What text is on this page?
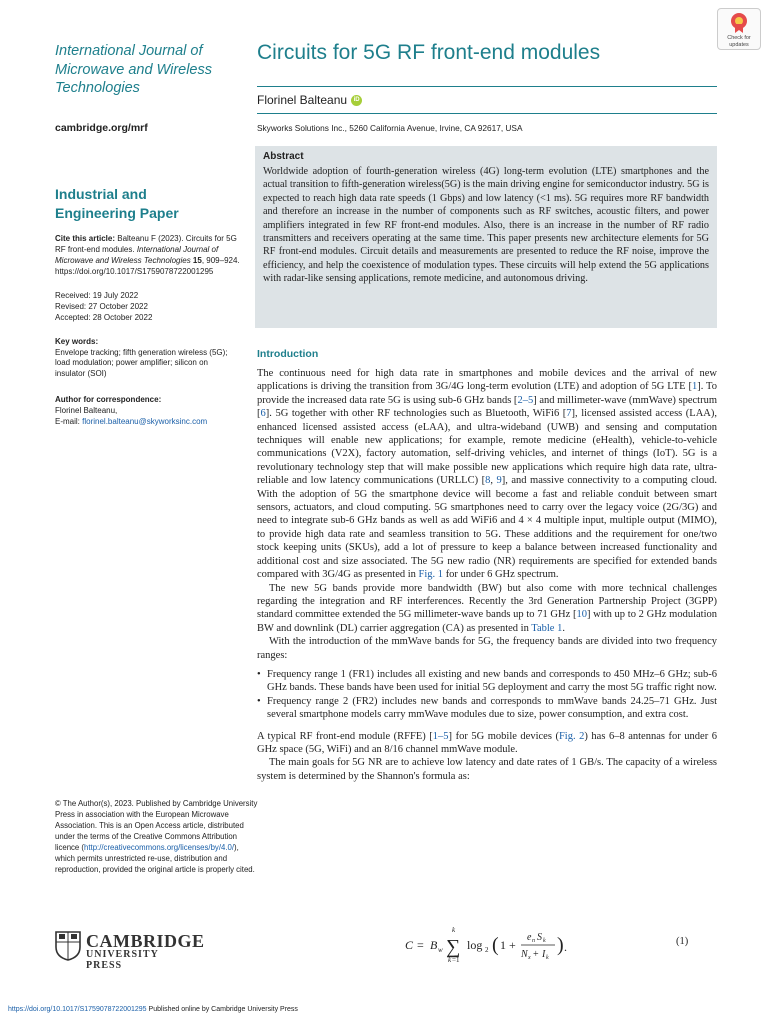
International Journal of Microwave and Wireless Technologies
cambridge.org/mrf
Industrial and Engineering Paper
Cite this article: Balteanu F (2023). Circuits for 5G RF front-end modules. International Journal of Microwave and Wireless Technologies 15, 909–924. https://doi.org/10.1017/S1759078722001295
Received: 19 July 2022
Revised: 27 October 2022
Accepted: 28 October 2022
Key words:
Envelope tracking; fifth generation wireless (5G); load modulation; power amplifier; silicon on insulator (SOI)
Author for correspondence:
Florinel Balteanu,
E-mail: florinel.balteanu@skyworksinc.com
© The Author(s), 2023. Published by Cambridge University Press in association with the European Microwave Association. This is an Open Access article, distributed under the terms of the Creative Commons Attribution licence (http://creativecommons.org/licenses/by/4.0/), which permits unrestricted re-use, distribution and reproduction, provided the original article is properly cited.
CAMBRIDGE
UNIVERSITY PRESS
https://doi.org/10.1017/S1759078722001295 Published online by Cambridge University Press
Check for
updates
Circuits for 5G RF front-end modules
Florinel Balteanu	iD
Skyworks Solutions Inc., 5260 California Avenue, Irvine, CA 92617, USA
Abstract
Worldwide adoption of fourth-generation wireless (4G) long-term evolution (LTE) smartphones and the actual transition to fifth-generation wireless(5G) is the main driving engine for semiconductor industry. 5G is expected to reach high data rate speeds (1 Gbps) and low latency (<1 ms). 5G requires more RF bandwidth and therefore an increase in the number of components such as RF switches, acoustic filters, and power amplifiers integrated in few RF front-end modules. Also, there is an increase in the number of RF radio transmitters and receivers operating at the same time. This paper presents new architecture elements for 5G RF front-end modules. Circuit details and measurements are presented to reduce the RF noise, improve the efficiency, and help the coexistence of modulation types. These circuits will help extend the 5G applications with radar-like sensing applications, remote medicine, and autonomous driving.
Introduction

The continuous need for high data rate in smartphones and mobile devices and the arrival of new applications is driving the transition from 3G/4G long-term evolution (LTE) and adoption of 5G LTE [1]. To provide the increased data rate 5G is using sub-6 GHz bands [2–5] and millimeter-wave (mmWave) spectrum [6]. 5G together with other RF technologies such as Bluetooth, WiFi6 [7], licensed assisted access (LAA), enhanced licensed assisted access (eLAA), and ultra-wideband (UWB) and sensing and computation techniques will enable new applications; for example, remote medicine (eHealth), vehicle-to-vehicle communications (V2X), factory automation, self-driving vehicles, and internet of things (IoT). 5G is a revolutionary technology step that will make possible new applications which require high data rate, ultra-reliable and low latency communications (URLLC) [8, 9], and massive connectivity to a computing cloud. With the adoption of 5G the smartphone device will become a fast and reliable conduit between smart sensors, actuators, and cloud computing. 5G smartphones need to carry over the legacy voice (2G/3G) and need to integrate sub-6 GHz bands as well as add WiFi6 and 4 × 4 multiple input, multiple output (MIMO), to provide high data rate and seamless transition to 5G. These additions and the requirement for one/two stock keeping units (SKUs), add a lot of pressure to keep a balance between increased functionality and additional cost and size associated. The 5G new radio (NR) requirements are specified for extended bands compared with 3G/4G as presented in Fig. 1 for under 6 GHz spectrum.

The new 5G bands provide more bandwidth (BW) but also come with more technical challenges regarding the integration and RF interferences. Recently the 3rd Generation Partnership Project (3GPP) standard committee extended the 5G millimeter-wave bands up to 71 GHz [10] with up to 2 GHz modulation BW and downlink (DL) carrier aggregation (CA) as presented in Table 1.

With the introduction of the mmWave bands for 5G, the frequency bands are divided into two frequency ranges:

• Frequency range 1 (FR1) includes all existing and new bands and corresponds to 450 MHz–6 GHz; sub-6 GHz bands. These bands have been used for initial 5G deployment and carry the most 5G traffic right now.
• Frequency range 2 (FR2) includes new bands and corresponds to mmWave bands 24.25–71 GHz. Just several smartphone models carry mmWave modules due to size, power consumption, and extra cost.

A typical RF front-end module (RFFE) [1–5] for 5G mobile devices (Fig. 2) has 6–8 antennas for under 6 GHz space (5G, WiFi) and an 8/16 channel mmWave module.

The main goals for 5G NR are to achieve low latency and date rates of 1 GB/s. The capacity of a wireless system is determined by the Shannon's formula as:

C = B w
k
∑
k =1
log 2 ( 1 +
e n S k
N x + I k
) .	(1)
